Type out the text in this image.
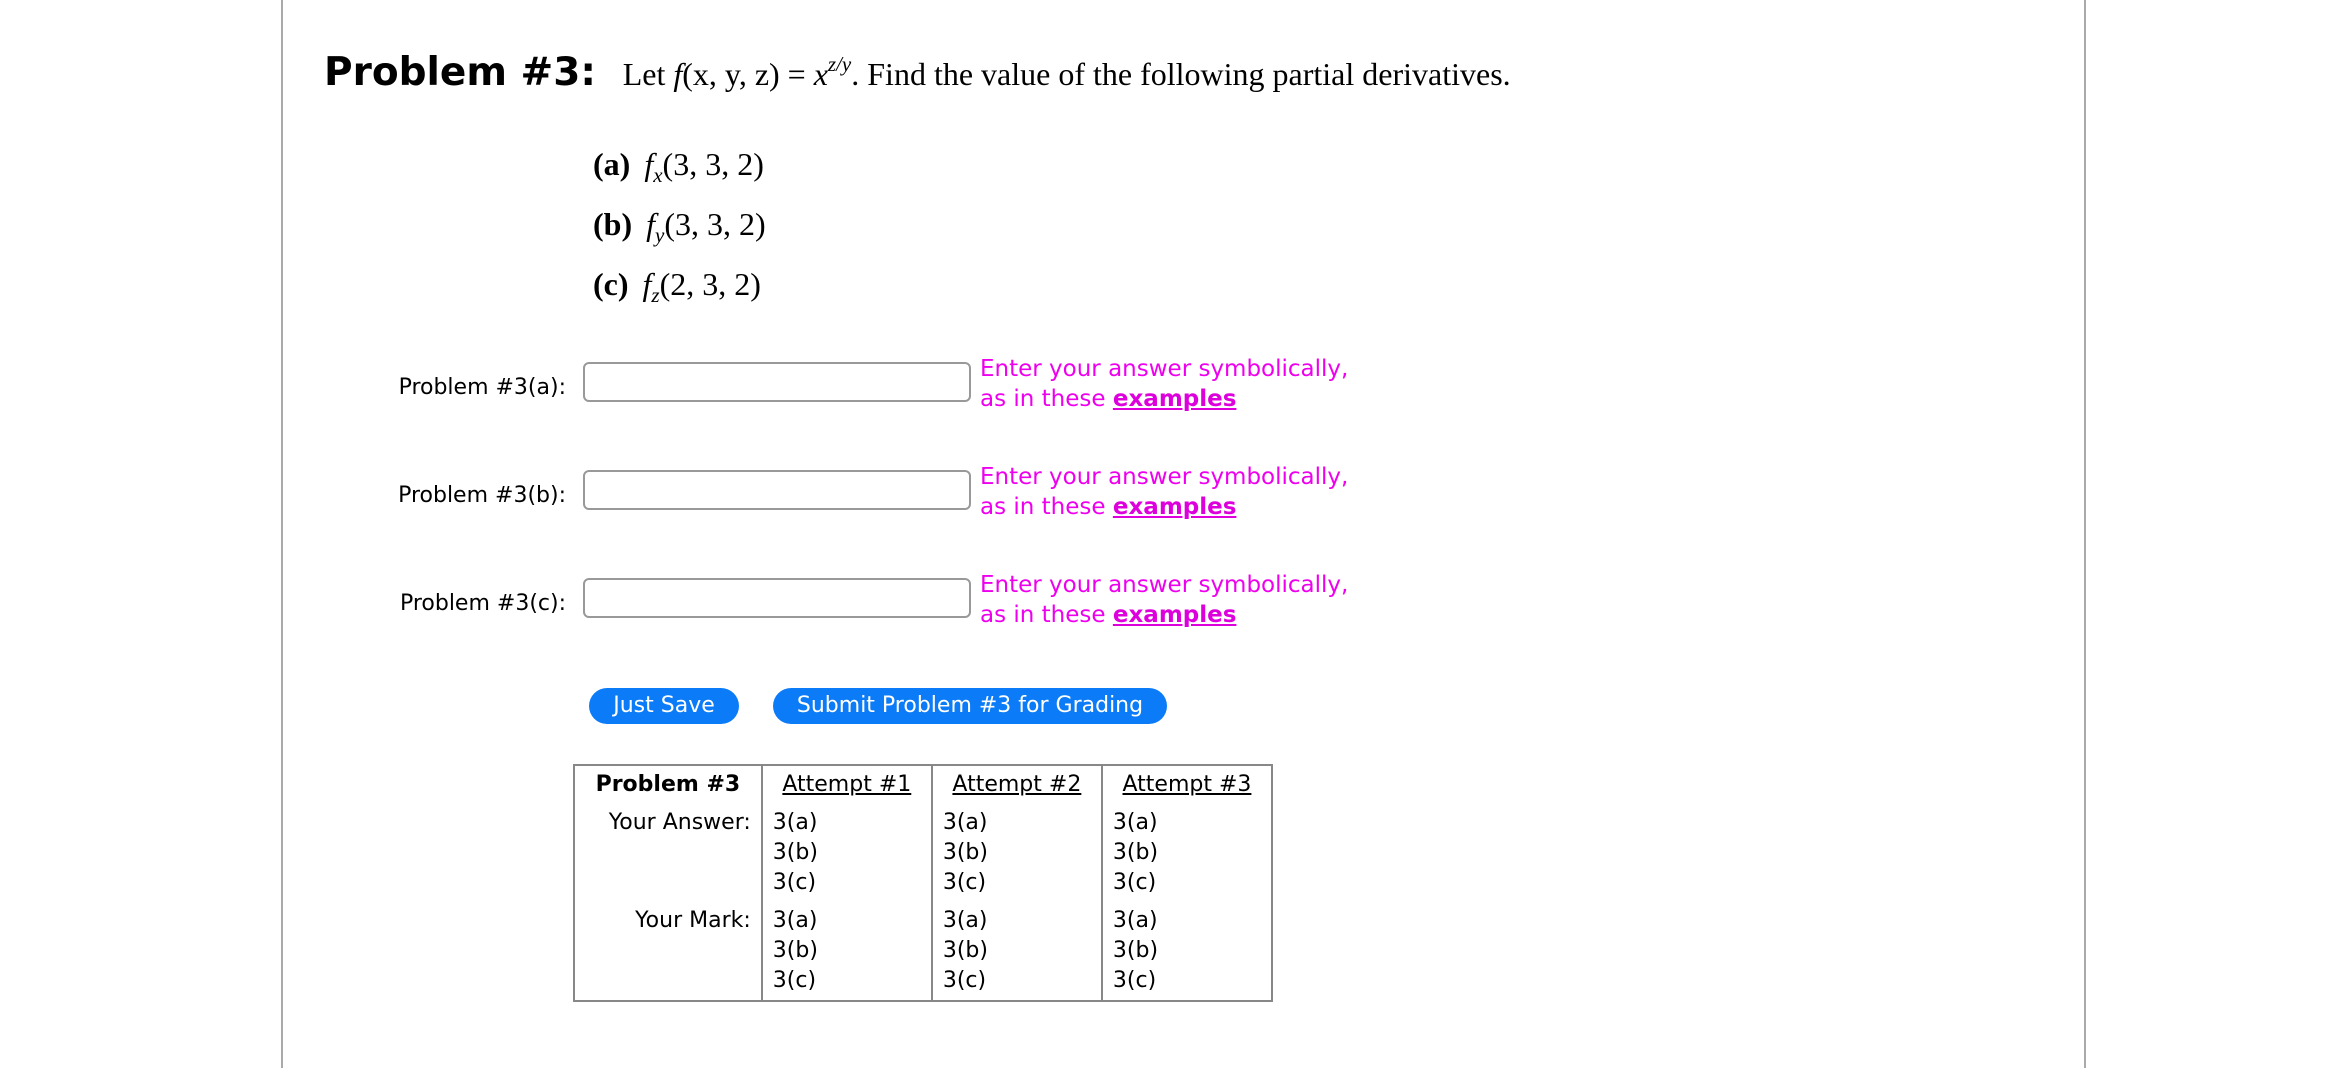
Problem #3: Let f(x, y, $z) = x^{z/y}$. Find the value of the following partial derivatives.
(a) $f_x(3$, 3, 2)
(b) $f_y(3$, 3, 2)
(c) $f_z(2$, 3, 2)
Problem #3(a):
Enter your answer symbolically,
as in these examples
Problem #3(b):
Enter your answer symbolically,
as in these examples
Problem #3(c):
Enter your answer symbolically,
as in these examples
Just Save	Submit Problem #3 for Grading
Problem #3	Attempt #1	Attempt #2	Attempt #3
Your Answer:	3(a)
3(b)
3(c)	3(a)
3(b)
3(c)	3(a)
3(b)
3(c)

Your Mark:	3(a)
3(b)
3(c)	3(a)
3(b)
3(c)	3(a)
3(b)
3(c)
